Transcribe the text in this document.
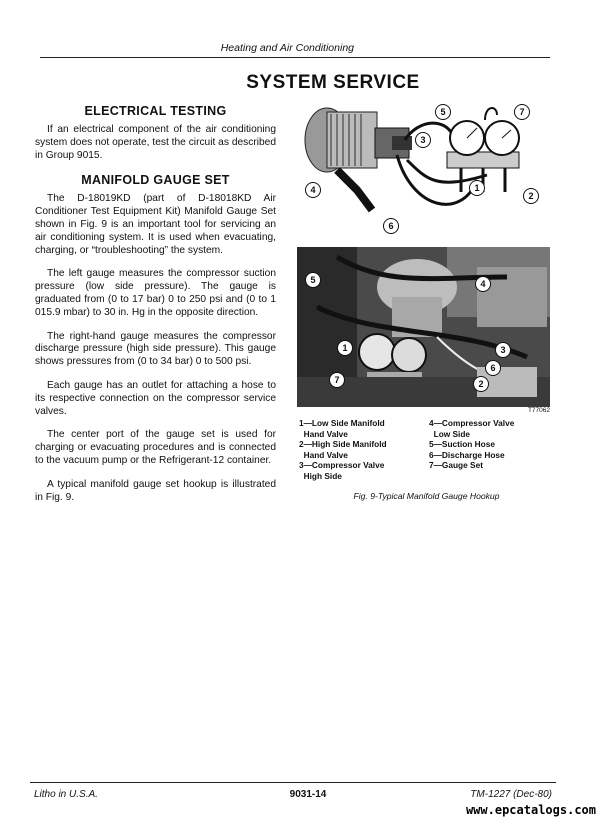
Heating and Air Conditioning
SYSTEM SERVICE
ELECTRICAL TESTING

If an electrical component of the air conditioning system does not operate, test the circuit as described in Group 9015.

MANIFOLD GAUGE SET

The D-18019KD (part of D-18018KD Air Conditioner Test Equipment Kit) Manifold Gauge Set shown in Fig. 9 is an important tool for servicing an air conditioning system. It is used when evacuating, charging, or “troubleshooting” the system.

The left gauge measures the compressor suction pressure (low side pressure). The gauge is graduated from (0 to 17 bar) 0 to 250 psi and (0 to 1 015.9 mbar) to 30 in. Hg in the opposite direction.

The right-hand gauge measures the compressor discharge pressure (high side pressure). This gauge shows pressures from (0 to 34 bar) 0 to 500 psi.

Each gauge has an outlet for attaching a hose to its respective connection on the compressor service valves.

The center port of the gauge set is used for charging or evacuating procedures and is connected to the vacuum pump or the Refrigerant-12 container.

A typical manifold gauge set hookup is illustrated in Fig. 9.

5	7
3
1
2
4
6
5	4
1	3
6
7	2
T77062
1 —Low Side Manifold
Hand Valve
2 —High Side Manifold
Hand Valve
3 —Compressor Valve
High Side
4 —Compressor Valve
Low Side
5 —Suction Hose
6 —Discharge Hose
7 —Gauge Set
Fig. 9-Typical Manifold Gauge Hookup
Litho in U.S.A.	9031-14	TM-1227 (Dec-80)
www.epcatalogs.com
